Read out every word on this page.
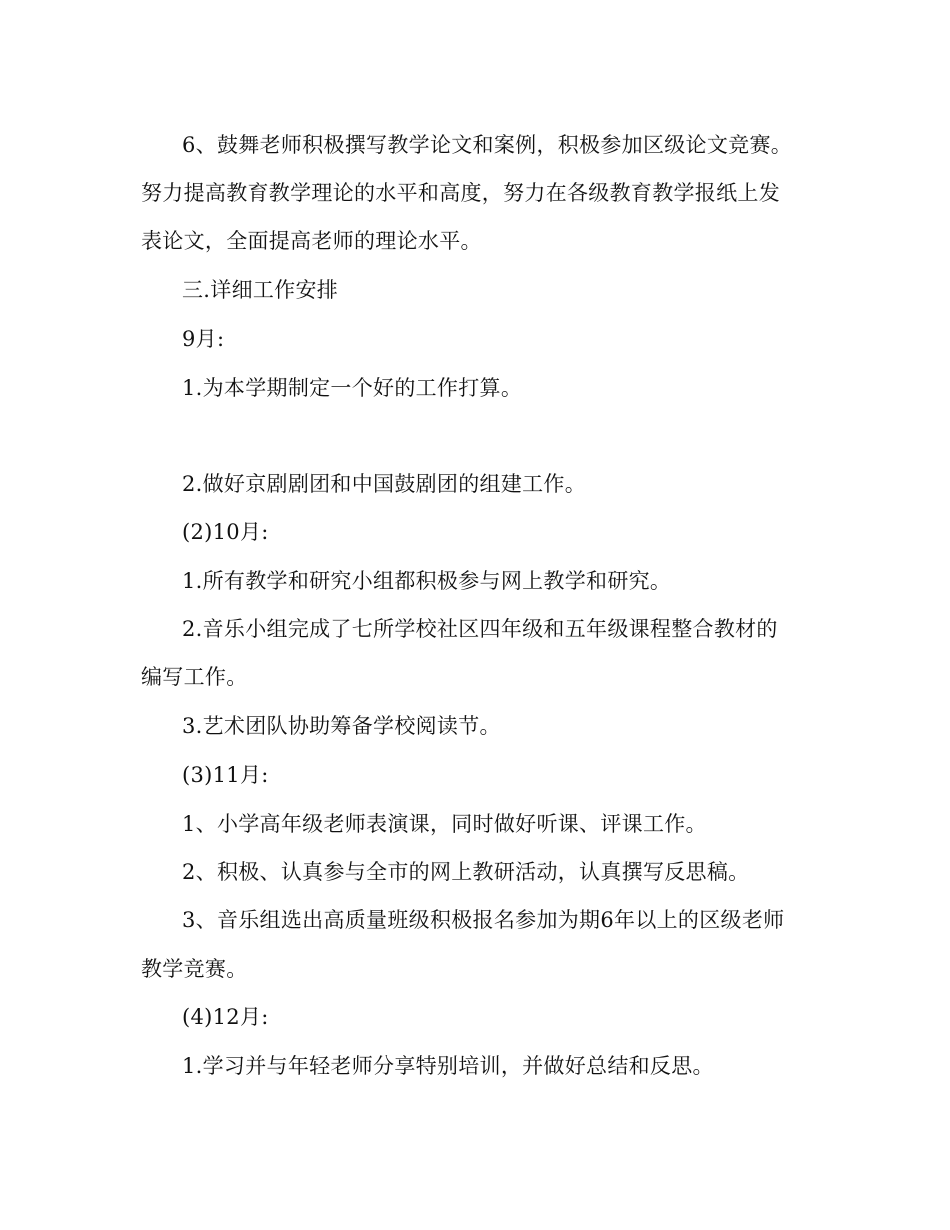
6、鼓舞老师积极撰写教学论文和案例，积极参加区级论文竞赛。
努力提高教育教学理论的水平和高度，努力在各级教育教学报纸上发
表论文，全面提高老师的理论水平。
三.详细工作安排
9月:
1.为本学期制定一个好的工作打算。
2.做好京剧剧团和中国鼓剧团的组建工作。
(2)10月:
1.所有教学和研究小组都积极参与网上教学和研究。
2.音乐小组完成了七所学校社区四年级和五年级课程整合教材的
编写工作。
3.艺术团队协助筹备学校阅读节。
(3)11月:
1、小学高年级老师表演课，同时做好听课、评课工作。
2、积极、认真参与全市的网上教研活动，认真撰写反思稿。
3、音乐组选出高质量班级积极报名参加为期6年以上的区级老师
教学竞赛。
(4)12月:
1.学习并与年轻老师分享特别培训，并做好总结和反思。
